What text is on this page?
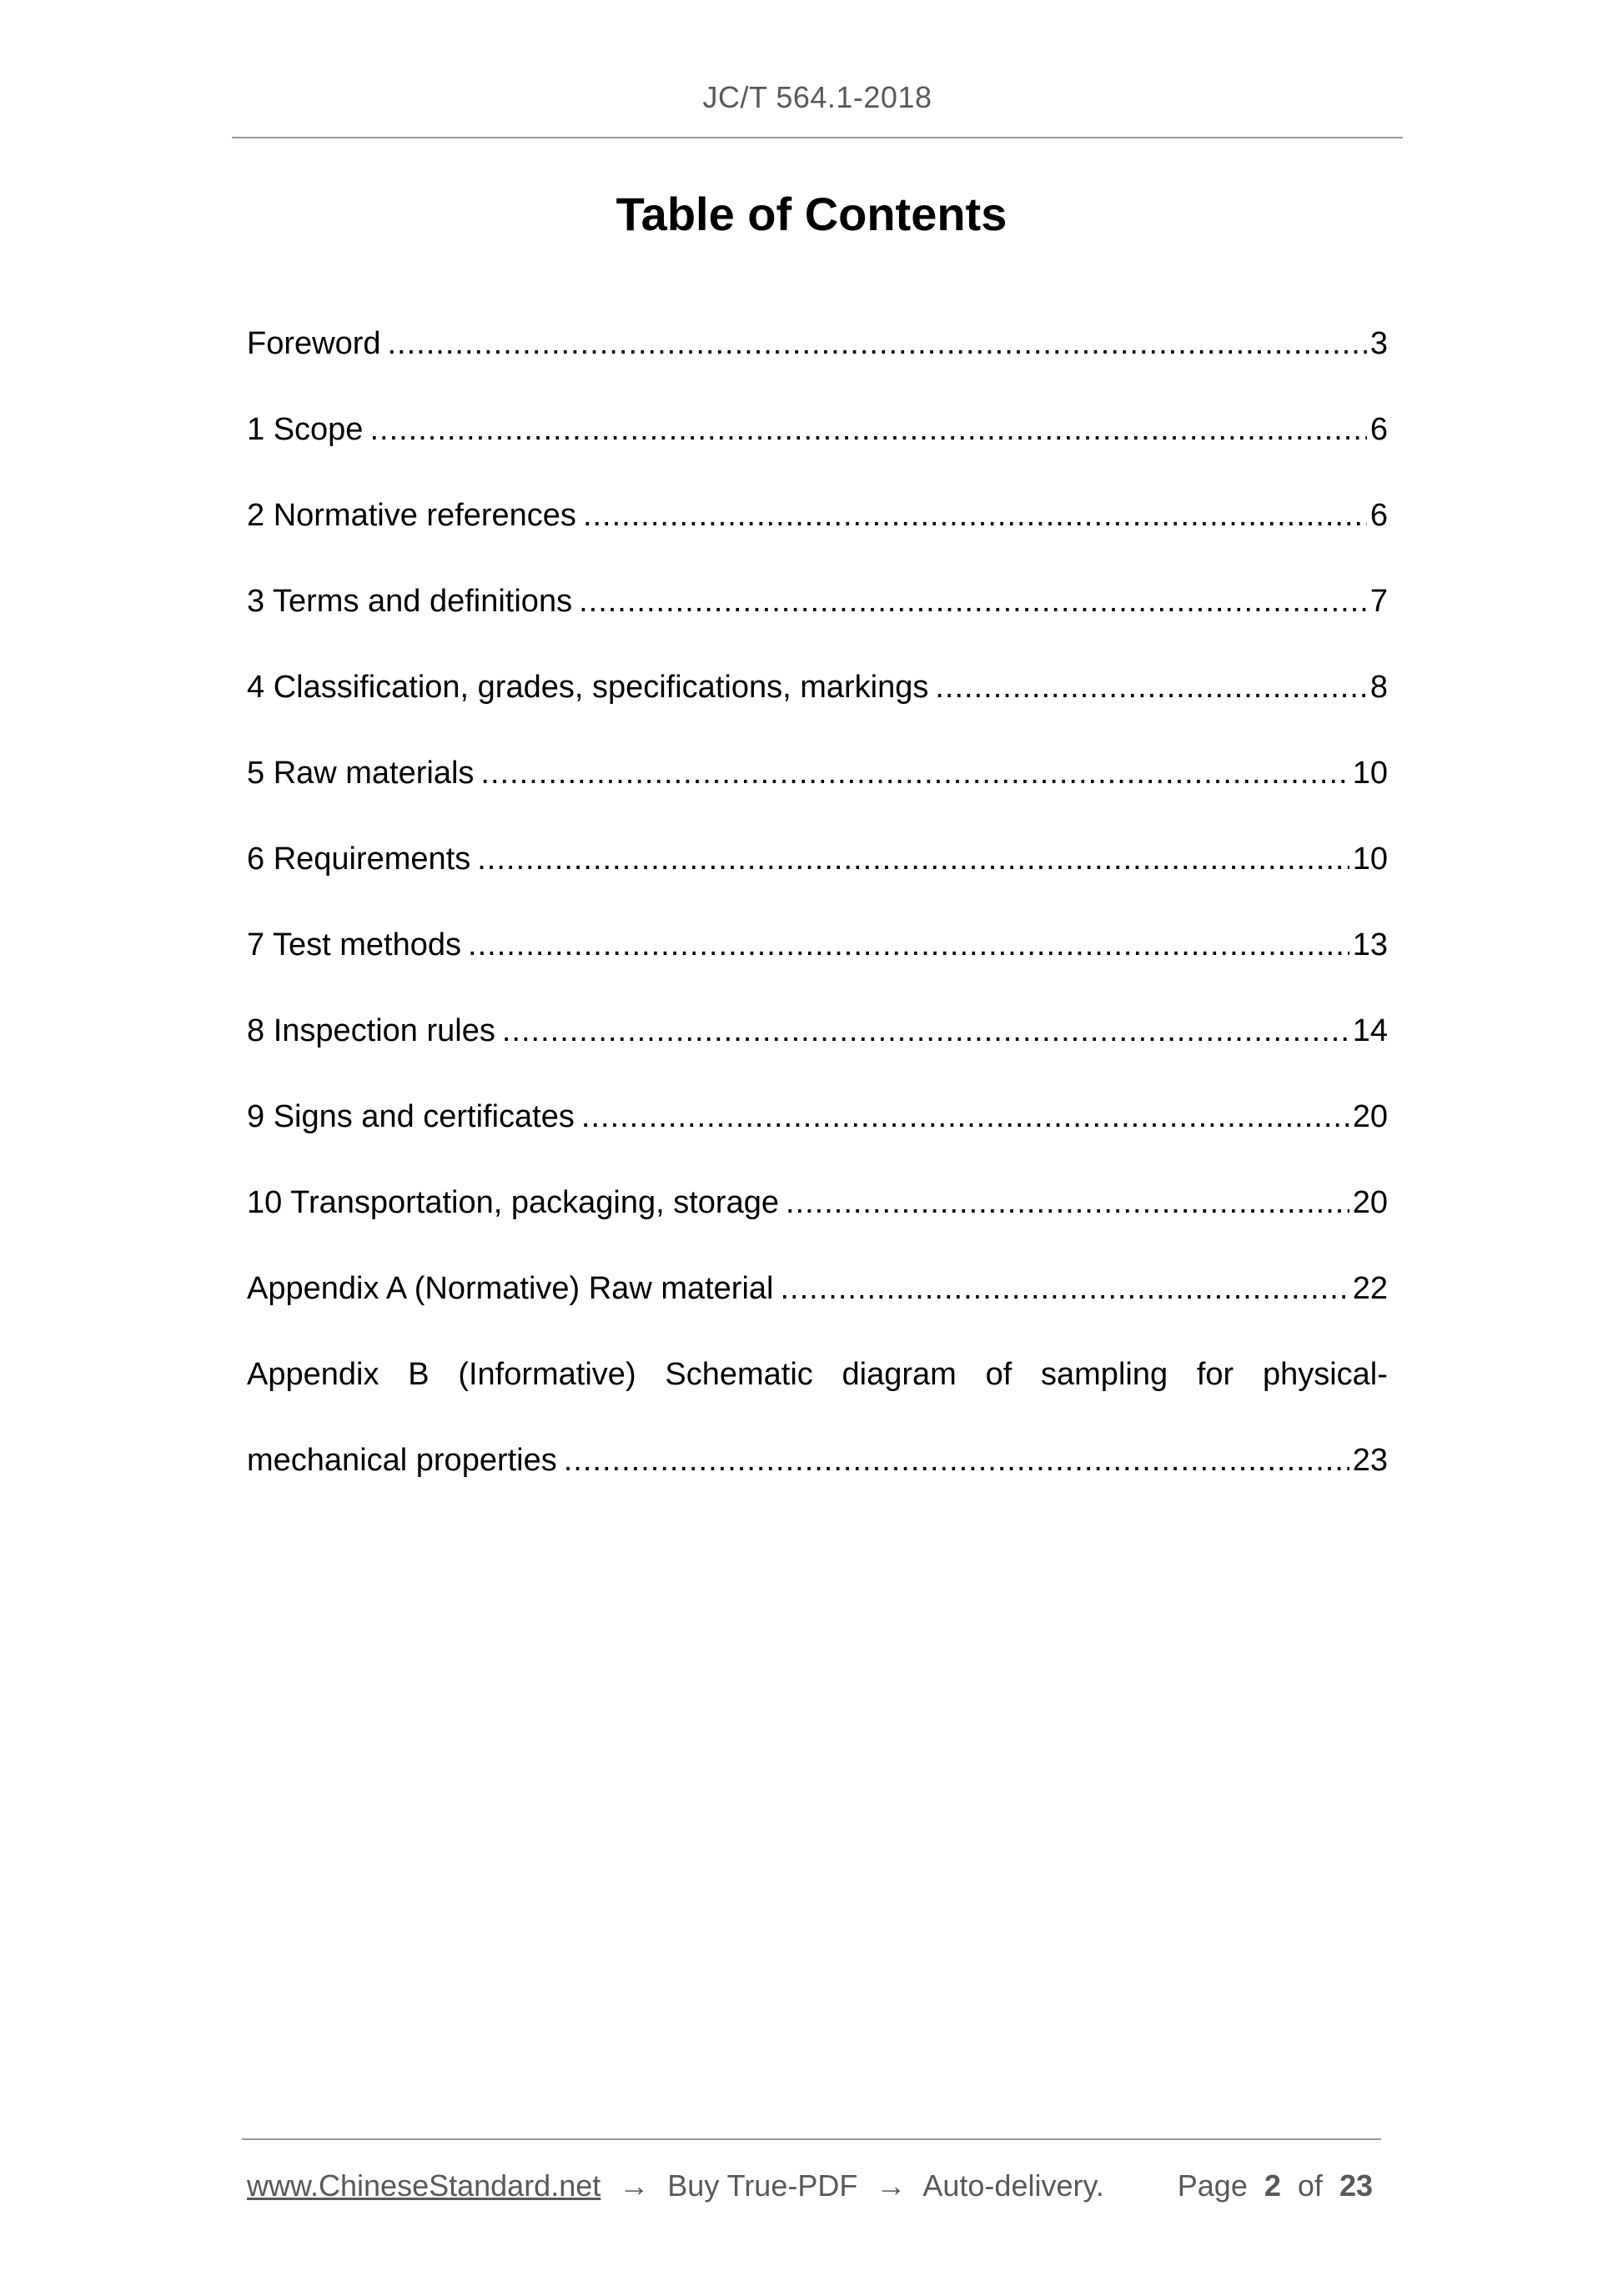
JC/T 564.1-2018
Table of Contents
Foreword .....	3
1 Scope .....	6
2 Normative references .....	6
3 Terms and definitions .....	7
4 Classification, grades, specifications, markings .....	8
5 Raw materials .....	10
6 Requirements .....	10
7 Test methods .....	13
8 Inspection rules .....	14
9 Signs and certificates .....	20
10 Transportation, packaging, storage .....	20
Appendix A (Normative) Raw material .....	22
Appendix B (Informative) Schematic diagram of sampling for physical-
mechanical properties .....	23
www.ChineseStandard.net → Buy True-PDF → Auto-delivery. Page 2 of 23
